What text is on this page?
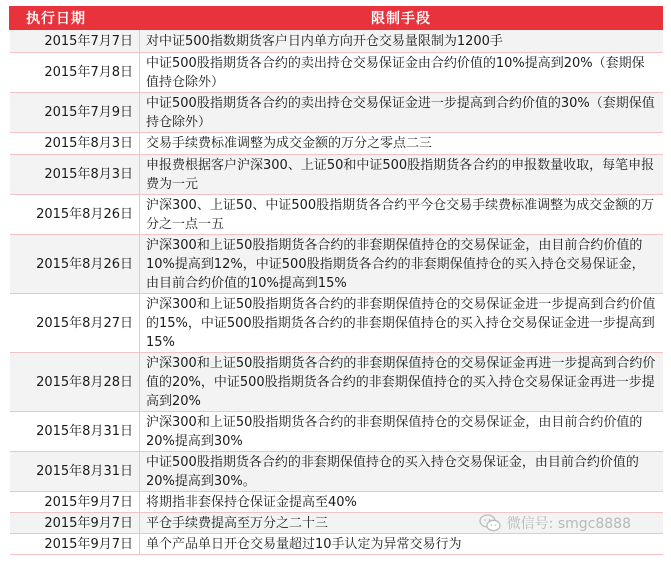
执行日期	限制手段
2015年7月7日	对中证500指数期货客户日内单方向开仓交易量限制为1200手
2015年7月8日	中证500股指期货各合约的卖出持仓交易保证金由合约价值的10%提高到20%（套期保值持仓除外）
2015年7月9日	中证500股指期货各合约的卖出持仓交易保证金进一步提高到合约价值的30%（套期保值持仓除外）
2015年8月3日	交易手续费标准调整为成交金额的万分之零点二三
2015年8月3日	申报费根据客户沪深300、上证50和中证500股指期货各合约的申报数量收取，每笔申报费为一元
2015年8月26日	沪深300、上证50、中证500股指期货各合约平今仓交易手续费标准调整为成交金额的万分之一点一五
2015年8月26日	沪深300和上证50股指期货各合约的非套期保值持仓的交易保证金，由目前合约价值的10%提高到12%，中证500股指期货各合约的非套期保值持仓的买入持仓交易保证金，由目前合约价值的10%提高到15%
2015年8月27日	沪深300和上证50股指期货各合约的非套期保值持仓的交易保证金进一步提高到合约价值的15%，中证500股指期货各合约的非套期保值持仓的买入持仓交易保证金进一步提高到15%
2015年8月28日	沪深300和上证50股指期货各合约的非套期保值持仓的交易保证金再进一步提高到合约价值的20%，中证500股指期货各合约的非套期保值持仓的买入持仓交易保证金再进一步提高到20%
2015年8月31日	沪深300和上证50股指期货各合约的非套期保值持仓的交易保证金，由目前合约价值的20%提高到30%
2015年8月31日	中证500股指期货各合约的非套期保值持仓的买入持仓交易保证金，由目前合约价值的20%提高到30%。
2015年9月7日	将期指非套保持仓保证金提高至40%
2015年9月7日	平仓手续费提高至万分之二十三
2015年9月7日	单个产品单日开仓交易量超过10手认定为异常交易行为
微信号: smgc8888
